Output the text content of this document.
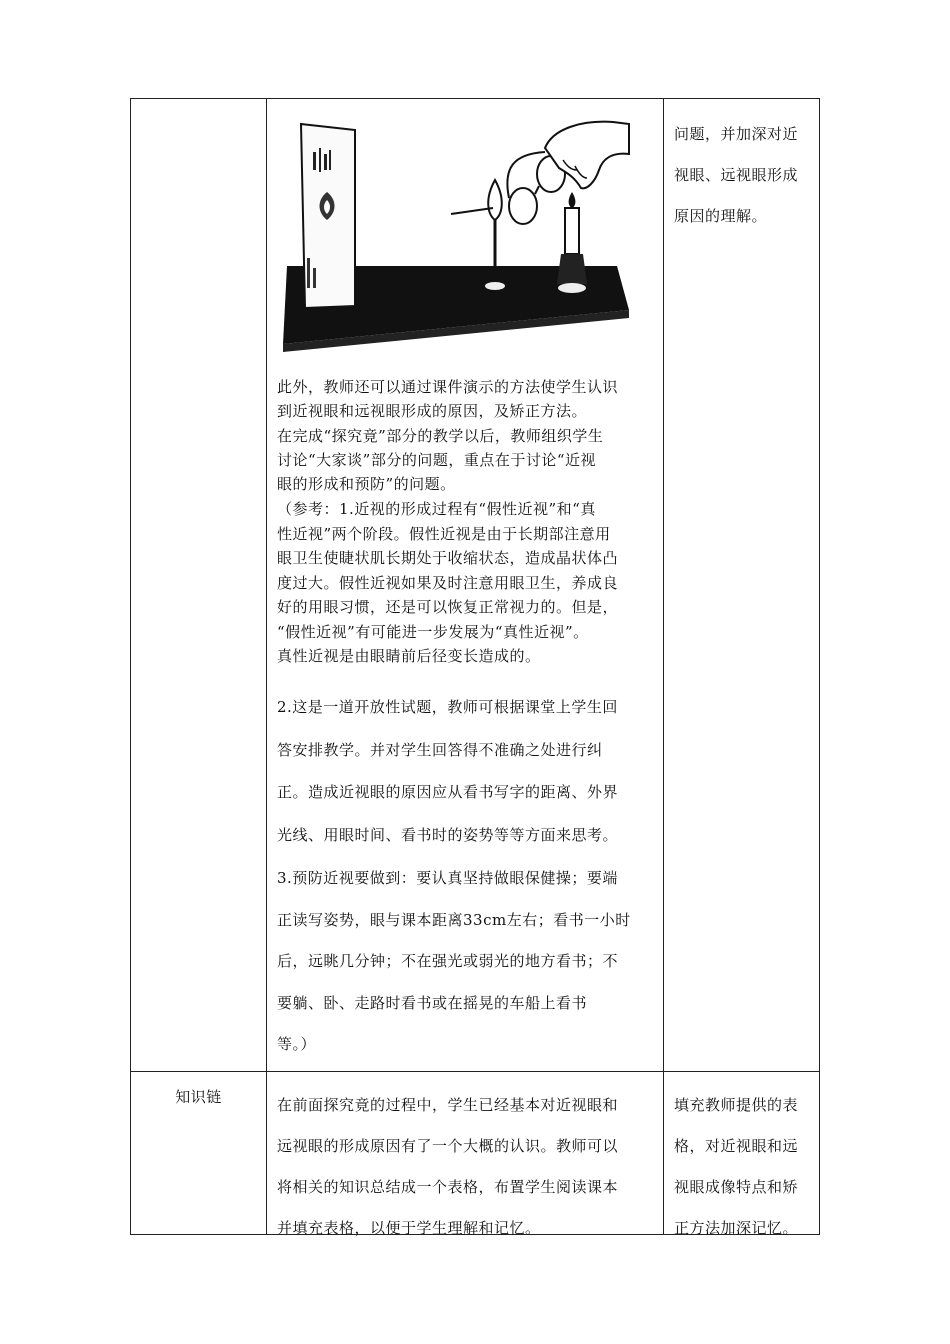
问题，并加深对近

视眼、远视眼形成

原因的理解。

此外，教师还可以通过课件演示的方法使学生认识

到近视眼和远视眼形成的原因，及矫正方法。

在完成“探究竟”部分的教学以后，教师组织学生

讨论“大家谈”部分的问题，重点在于讨论“近视

眼的形成和预防”的问题。

（参考：1.近视的形成过程有“假性近视”和“真

性近视”两个阶段。假性近视是由于长期部注意用

眼卫生使睫状肌长期处于收缩状态，造成晶状体凸

度过大。假性近视如果及时注意用眼卫生，养成良

好的用眼习惯，还是可以恢复正常视力的。但是，

“假性近视”有可能进一步发展为“真性近视”。

真性近视是由眼睛前后径变长造成的。

2.这是一道开放性试题，教师可根据课堂上学生回

答安排教学。并对学生回答得不准确之处进行纠

正。造成近视眼的原因应从看书写字的距离、外界

光线、用眼时间、看书时的姿势等等方面来思考。

3.预防近视要做到：要认真坚持做眼保健操；要端

正读写姿势，眼与课本距离33cm左右；看书一小时

后，远眺几分钟；不在强光或弱光的地方看书；不

要躺、卧、走路时看书或在摇晃的车船上看书

等。）

知识链	在前面探究竟的过程中，学生已经基本对近视眼和

远视眼的形成原因有了一个大概的认识。教师可以

将相关的知识总结成一个表格，布置学生阅读课本

并填充表格，以便于学生理解和记忆。

填充教师提供的表

格，对近视眼和远

视眼成像特点和矫

正方法加深记忆。
